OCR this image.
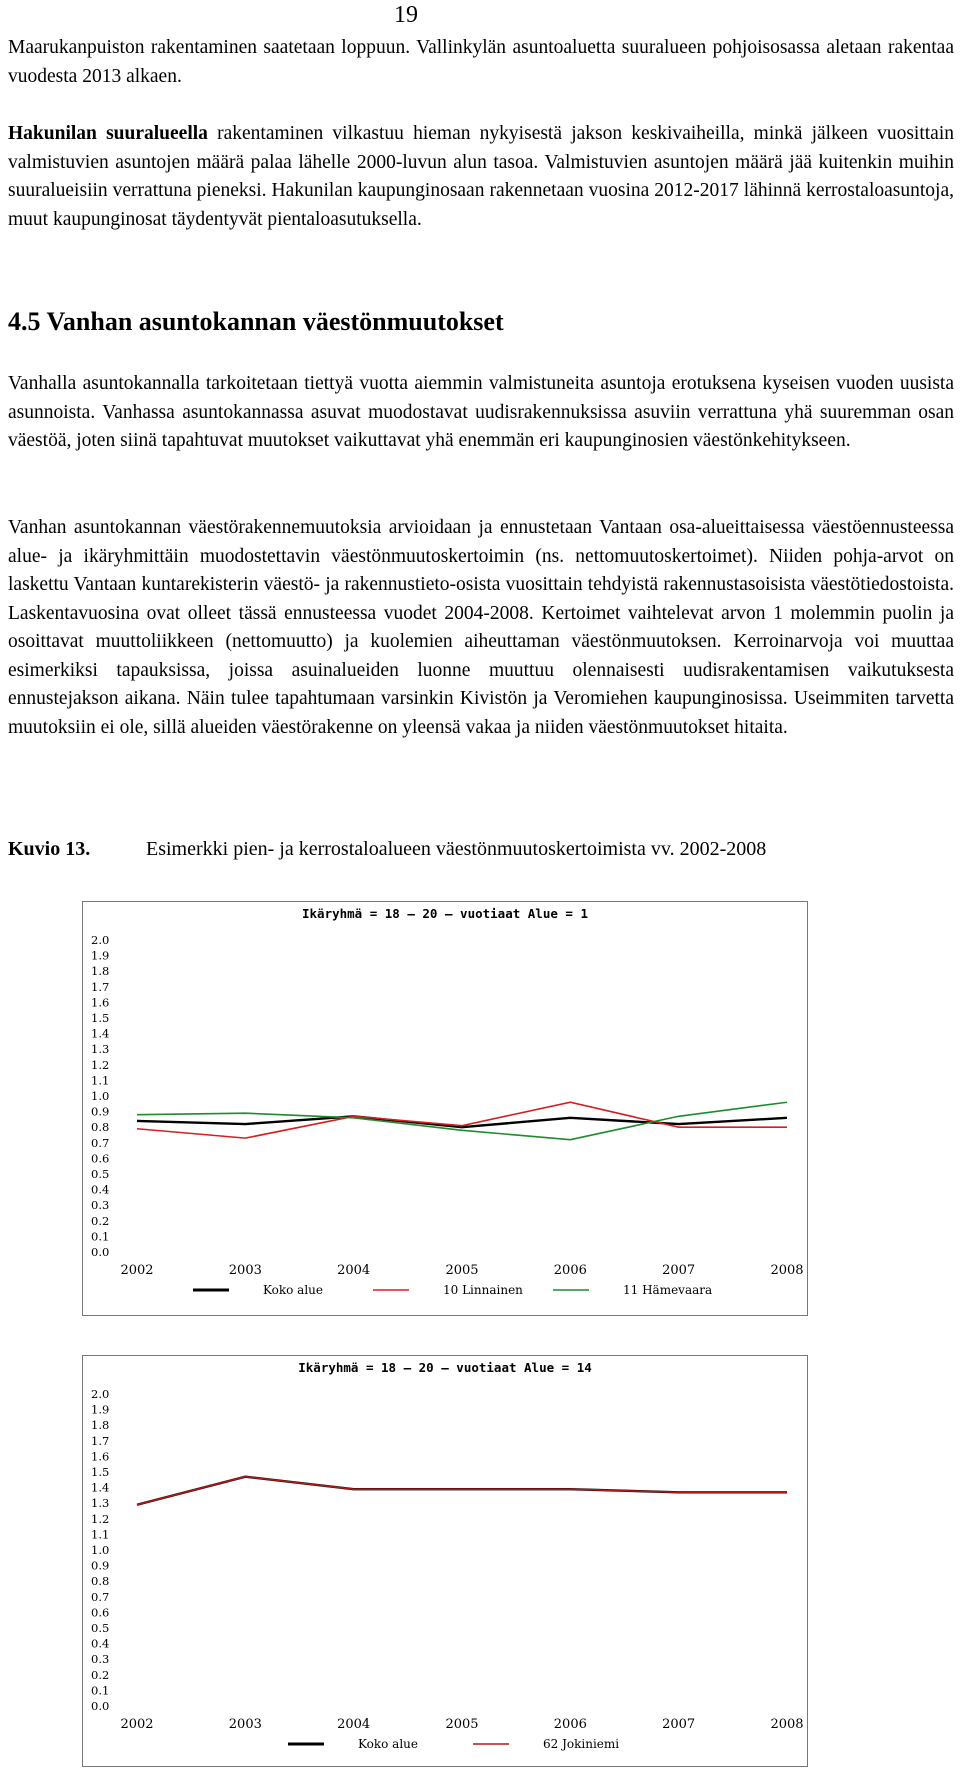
19

Maarukanpuiston rakentaminen saatetaan loppuun. Vallinkylän asuntoaluetta suuralueen pohjoisosassa aletaan rakentaa vuodesta 2013 alkaen.

Hakunilan suuralueella rakentaminen vilkastuu hieman nykyisestä jakson keskivaiheilla, minkä jälkeen vuosittain valmistuvien asuntojen määrä palaa lähelle 2000-luvun alun tasoa. Valmistuvien asuntojen määrä jää kuitenkin muihin suuralueisiin verrattuna pieneksi. Hakunilan kaupunginosaan rakennetaan vuosina 2012-2017 lähinnä kerrostaloasuntoja, muut kaupunginosat täydentyvät pientaloasutuksella.

4.5 Vanhan asuntokannan väestönmuutokset

Vanhalla asuntokannalla tarkoitetaan tiettyä vuotta aiemmin valmistuneita asuntoja erotuksena kyseisen vuoden uusista asunnoista. Vanhassa asuntokannassa asuvat muodostavat uudisrakennuksissa asuviin verrattuna yhä suuremman osan väestöä, joten siinä tapahtuvat muutokset vaikuttavat yhä enemmän eri kaupunginosien väestönkehitykseen.

Vanhan asuntokannan väestörakennemuutoksia arvioidaan ja ennustetaan Vantaan osa-alueittaisessa väestöennusteessa alue- ja ikäryhmittäin muodostettavin väestönmuutoskertoimin (ns. nettomuutoskertoimet). Niiden pohja-arvot on laskettu Vantaan kuntarekisterin väestö- ja rakennustieto-osista vuosittain tehdyistä rakennustasoisista väestötiedostoista. Laskentavuosina ovat olleet tässä ennusteessa vuodet 2004-2008. Kertoimet vaihtelevat arvon 1 molemmin puolin ja osoittavat muuttoliikkeen (nettomuutto) ja kuolemien aiheuttaman väestönmuutoksen. Kerroinarvoja voi muuttaa esimerkiksi tapauksissa, joissa asuinalueiden luonne muuttuu olennaisesti uudisrakentamisen vaikutuksesta ennustejakson aikana. Näin tulee tapahtumaan varsinkin Kivistön ja Veromiehen kaupunginosissa. Useimmiten tarvetta muutoksiin ei ole, sillä alueiden väestörakenne on yleensä vakaa ja niiden väestönmuutokset hitaita.

Kuvio 13.	Esimerkki pien- ja kerrostaloalueen väestönmuutoskertoimista vv. 2002-2008
Ikäryhmä = 18 — 20 — vuotiaat Alue = 1
0.0
0.1
0.2
0.3
0.4
0.5
0.6
0.7
0.8
0.9
1.0
1.1
1.2
1.3
1.4
1.5
1.6
1.7
1.8
1.9
2.0
2002	2003	2004	2005	2006	2007	2008
Koko alue	10 Linnainen	11 Hämevaara
Ikäryhmä = 18 — 20 — vuotiaat Alue = 14
0.0
0.1
0.2
0.3
0.4
0.5
0.6
0.7
0.8
0.9
1.0
1.1
1.2
1.3
1.4
1.5
1.6
1.7
1.8
1.9
2.0
2002	2003	2004	2005	2006	2007	2008
Koko alue	62 Jokiniemi
